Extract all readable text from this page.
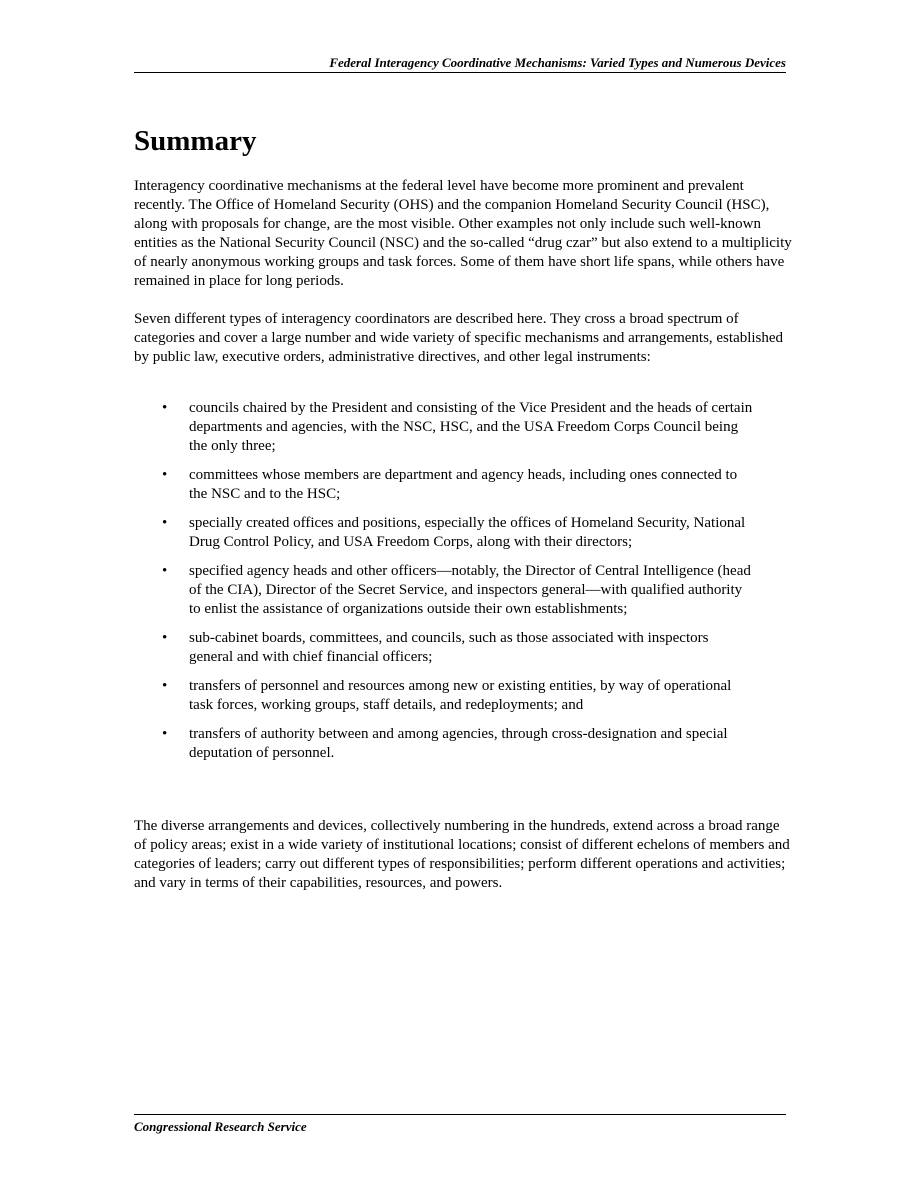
Federal Interagency Coordinative Mechanisms: Varied Types and Numerous Devices
Summary

Interagency coordinative mechanisms at the federal level have become more prominent and prevalent recently. The Office of Homeland Security (OHS) and the companion Homeland Security Council (HSC), along with proposals for change, are the most visible. Other examples not only include such well-known entities as the National Security Council (NSC) and the so-called “drug czar” but also extend to a multiplicity of nearly anonymous working groups and task forces. Some of them have short life spans, while others have remained in place for long periods.

Seven different types of interagency coordinators are described here. They cross a broad spectrum of categories and cover a large number and wide variety of specific mechanisms and arrangements, established by public law, executive orders, administrative directives, and other legal instruments:

• councils chaired by the President and consisting of the Vice President and the heads of certain departments and agencies, with the NSC, HSC, and the USA Freedom Corps Council being the only three;
• committees whose members are department and agency heads, including ones connected to the NSC and to the HSC;
• specially created offices and positions, especially the offices of Homeland Security, National Drug Control Policy, and USA Freedom Corps, along with their directors;
• specified agency heads and other officers—notably, the Director of Central Intelligence (head of the CIA), Director of the Secret Service, and inspectors general—with qualified authority to enlist the assistance of organizations outside their own establishments;
• sub-cabinet boards, committees, and councils, such as those associated with inspectors general and with chief financial officers;
• transfers of personnel and resources among new or existing entities, by way of operational task forces, working groups, staff details, and redeployments; and
• transfers of authority between and among agencies, through cross-designation and special deputation of personnel.

The diverse arrangements and devices, collectively numbering in the hundreds, extend across a broad range of policy areas; exist in a wide variety of institutional locations; consist of different echelons of members and categories of leaders; carry out different types of responsibilities; perform different operations and activities; and vary in terms of their capabilities, resources, and powers.

Congressional Research Service
